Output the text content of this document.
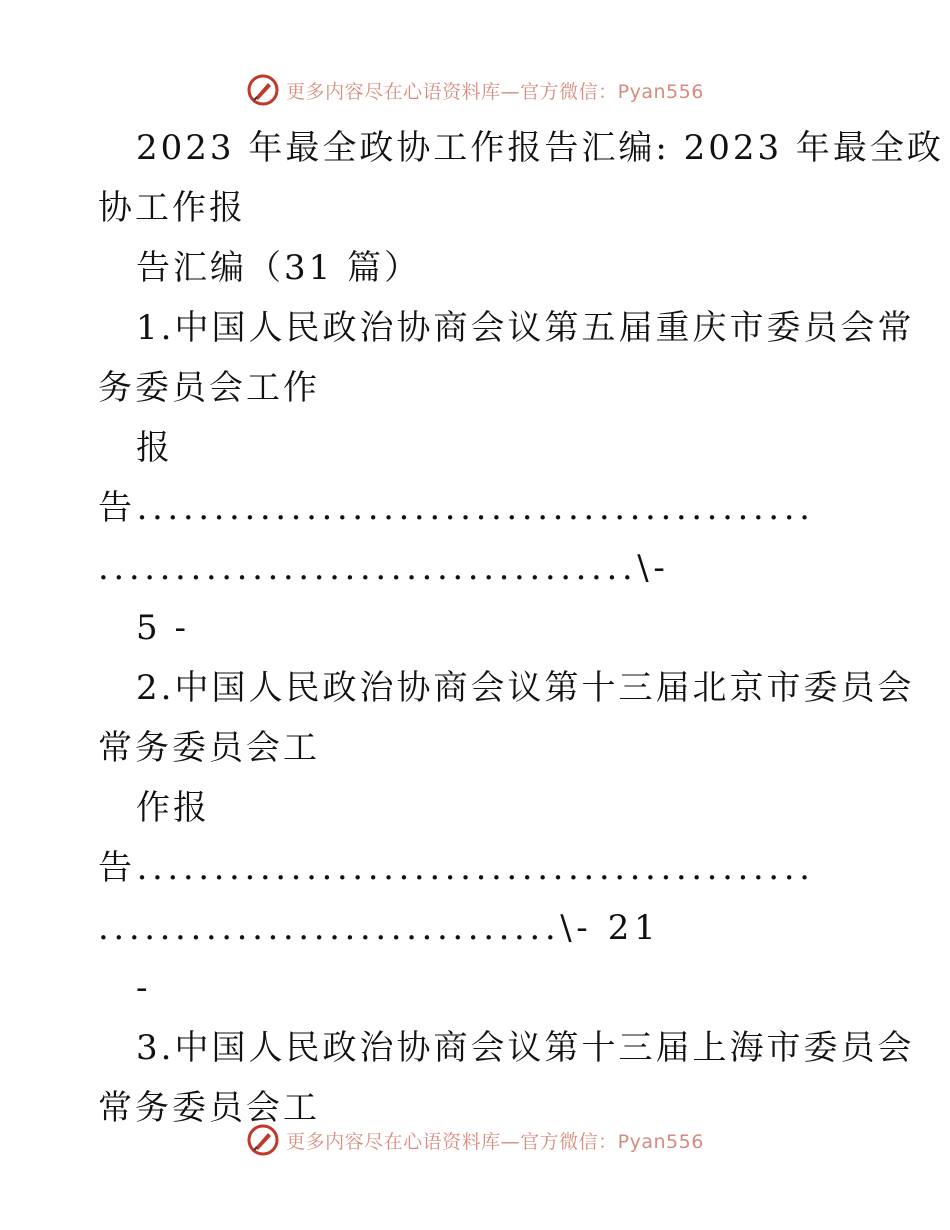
更多内容尽在心语资料库—官方微信：Pyan556
2023 年最全政协工作报告汇编: 2023 年最全政
协工作报
告汇编（31 篇）
1.中国人民政治协商会议第五届重庆市委员会常
务委员会工作
报
告............................................
...................................\-
5 -
2.中国人民政治协商会议第十三届北京市委员会
常务委员会工
作报
告............................................
..............................\- 21
-
3.中国人民政治协商会议第十三届上海市委员会
常务委员会工
更多内容尽在心语资料库—官方微信：Pyan556
